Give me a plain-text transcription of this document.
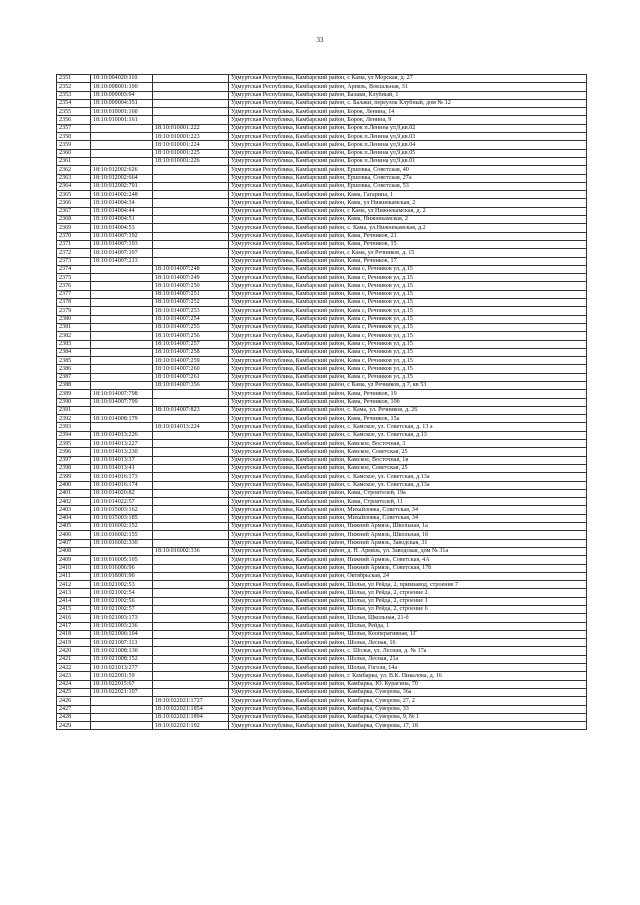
33
2351	18:10:004020:110		Удмуртская Республика, Камбарский район, с Кама, ул Морская, д. 27
2352	18:10:008001:190		Удмуртская Республика, Камбарский район, Арнязь, Вокзальная, 31
2353	18:10:009003:94		Удмуртская Республика, Камбарский район, Балаки, Клубный, 1
2354	18:10:009004:351		Удмуртская Республика, Камбарский район, с. Балаки, переулок Клубный, дом № 12
2355	18:10:010001:160		Удмуртская Республика, Камбарский район, Борок, Ленина, 14
2356	18:10:010001:161		Удмуртская Республика, Камбарский район, Борок, Ленина, 9
2357		18:10:010001:222	Удмуртская Республика, Камбарский район, Борок п.Ленина ул,9,кв.02
2358		18:10:010001:223	Удмуртская Республика, Камбарский район, Борок п.Ленина ул,9,кв.03
2359		18:10:010001:224	Удмуртская Республика, Камбарский район, Борок п.Ленина ул,9,кв.04
2360		18:10:010001:225	Удмуртская Республика, Камбарский район, Борок п.Ленина ул,9,кв.05
2361		18:10:010001:226	Удмуртская Республика, Камбарский район, Борок п.Ленина ул,9,кв.01
2362	18:10:012002:626		Удмуртская Республика, Камбарский район, Ершовка, Советская, 40
2363	18:10:012002:664		Удмуртская Республика, Камбарский район, Ершовка, Советская, 27а
2364	18:10:012002:791		Удмуртская Республика, Камбарский район, Ершовка, Советская, 53
2365	18:10:014002:248		Удмуртская Республика, Камбарский район, Кама, Гагарина, 1
2366	18:10:014004:34		Удмуртская Республика, Камбарский район, Кама, ул Нижнекамская, 2
2367	18:10:014004:44		Удмуртская Республика, Камбарский район, с Кама, ул Нижнекамская, д. 2
2368	18:10:014004:51		Удмуртская Республика, Камбарский район, Кама, Нижнекамская, 2
2369	18:10:014004:53		Удмуртская Республика, Камбарский район, с. Кама, ул.Нижнекамская, д.2
2370	18:10:014007:192		Удмуртская Республика, Камбарский район, Кама, Речников, 21
2371	18:10:014007:193		Удмуртская Республика, Камбарский район, Кама, Речников, 15
2372	18:10:014007:197		Удмуртская Республика, Камбарский район, с Кама, ул Речников, д. 15
2373	18:10:014007:213		Удмуртская Республика, Камбарский район, Кама, Речников, 17
2374		18:10:014007:248	Удмуртская Республика, Камбарский район, Кама с, Речников ул, д.15
2375		18:10:014007:249	Удмуртская Республика, Камбарский район, Кама с, Речников ул, д.15
2376		18:10:014007:250	Удмуртская Республика, Камбарский район, Кама с, Речников ул, д.15
2377		18:10:014007:251	Удмуртская Республика, Камбарский район, Кама с, Речников ул, д.15
2378		18:10:014007:252	Удмуртская Республика, Камбарский район, Кама с, Речников ул, д.15
2379		18:10:014007:253	Удмуртская Республика, Камбарский район, Кама с, Речников ул, д.15
2380		18:10:014007:254	Удмуртская Республика, Камбарский район, Кама с, Речников ул, д.15
2381		18:10:014007:255	Удмуртская Республика, Камбарский район, Кама с, Речников ул, д.15
2382		18:10:014007:256	Удмуртская Республика, Камбарский район, Кама с, Речников ул, д.15
2383		18:10:014007:257	Удмуртская Республика, Камбарский район, Кама с, Речников ул, д.15
2384		18:10:014007:258	Удмуртская Республика, Камбарский район, Кама с, Речников ул, д.15
2385		18:10:014007:259	Удмуртская Республика, Камбарский район, Кама с, Речников ул, д.15
2386		18:10:014007:260	Удмуртская Республика, Камбарский район, Кама с, Речников ул, д.15
2387		18:10:014007:261	Удмуртская Республика, Камбарский район, Кама с, Речников ул, д.15
2388		18:10:014007:356	Удмуртская Республика, Камбарский район, с Кама, ул Речников, д 7, кв 53
2389	18:10:014007:798		Удмуртская Республика, Камбарский район, Кама, Речников, 19
2390	18:10:014007:799		Удмуртская Республика, Камбарский район, Кама, Речников, 10б
2391		18:10:014007:823	Удмуртская Республика, Камбарский район, с. Кама, ул. Речников, д. 26
2392	18:10:014008:179		Удмуртская Республика, Камбарский район, Кама, Речников, 15а
2393		18:10:014013:224	Удмуртская Республика, Камбарский район, с. Камское, ул. Советская, д. 13 а
2394	18:10:014013:226		Удмуртская Республика, Камбарский район, с. Камское, ул. Советская, д.13
2395	18:10:014013:227		Удмуртская Республика, Камбарский район, Камское, Восточная, 3
2396	18:10:014013:230		Удмуртская Республика, Камбарский район, Камское, Советская, 25
2397	18:10:014013:37		Удмуртская Республика, Камбарский район, Камское, Восточная, 1в
2398	18:10:014013:41		Удмуртская Республика, Камбарский район, Камское, Советская, 25
2399	18:10:014016:173		Удмуртская Республика, Камбарский район, с. Камское, ул. Советская, д.13а
2400	18:10:014016:174		Удмуртская Республика, Камбарский район, с. Камское, ул. Советская, д.13а
2401	18:10:014020:82		Удмуртская Республика, Камбарский район, Кама, Строителей, 19а
2402	18:10:014022:57		Удмуртская Республика, Камбарский район, Кама, Строителей, 11
2403	18:10:015003:162		Удмуртская Республика, Камбарский район, Михайловка, Советская, 34
2404	18:10:015003:185		Удмуртская Республика, Камбарский район, Михайловка, Советская, 34
2405	18:10:016002:152		Удмуртская Республика, Камбарский район, Нижний Армязь, Школьная, 1а
2406	18:10:016002:155		Удмуртская Республика, Камбарский район, Нижний Армязь, Школьная, 1б
2407	18:10:016002:330		Удмуртская Республика, Камбарский район, Нижний Армязь, Заводская, 31
2408		18:10:016002:336	Удмуртская Республика, Камбарский район, д. Н. Армязь, ул. Заводская, дом № 31а
2409	18:10:016005:105		Удмуртская Республика, Камбарский район, Нижний Армязь, Советская, 4А
2410	18:10:016006:96		Удмуртская Республика, Камбарский район, Нижний Армязь, Советская, 17б
2411	18:10:018001:90		Удмуртская Республика, Камбарский район, Октябрьская, 24
2412	18:10:021002:53		Удмуртская Республика, Камбарский район, Шолья, ул Рейда, 2, примзавод, строение 7
2413	18:10:021002:54		Удмуртская Республика, Камбарский район, Шолья, ул Рейда, 2, строение 2
2414	18:10:021002:56		Удмуртская Республика, Камбарский район, Шолья, ул Рейда, 2, строение 1
2415	18:10:021002:57		Удмуртская Республика, Камбарский район, Шолья, ул Рейда, 2, строение 6
2416	18:10:021003:173		Удмуртская Республика, Камбарский район, Шолья, Школьная, 21-б
2417	18:10:021003:236		Удмуртская Республика, Камбарский район, Шолья, Рейда, 1
2418	18:10:021006:104		Удмуртская Республика, Камбарский район, Шолья, Кооперативная, 1Г
2419	18:10:021007:113		Удмуртская Республика, Камбарский район, Шолья, Лесная, 16
2420	18:10:021008:130		Удмуртская Республика, Камбарский район, с. Шолья, ул. Лесная, д. № 17а
2421	18:10:021008:152		Удмуртская Республика, Камбарский район, Шолья, Лесная, 21а
2422	18:10:021013:277		Удмуртская Республика, Камбарский район, Шолья, Гоголя, 14а
2423	18:10:022001:59		Удмуртская Республика, Камбарский район, г. Камбарка, ул. В.К. Пикалова, д. 16
2424	18:10:022015:67		Удмуртская Республика, Камбарский район, Камбарка, Ю. Курагина, 70
2425	18:10:022021:107		Удмуртская Республика, Камбарский район, Камбарка, Суворова, 36а
2426		18:10:022021:1727	Удмуртская Республика, Камбарский район, Камбарка, Суворова, 27, 2
2427		18:10:022021:1854	Удмуртская Республика, Камбарский район, Камбарка, Суворова, 33
2428		18:10:022021:1894	Удмуртская Республика, Камбарский район, Камбарка, Суворова, 9, № 1
2429		18:10:022021:192	Удмуртская Республика, Камбарский район, Камбарка, Суворова, 17, 18
